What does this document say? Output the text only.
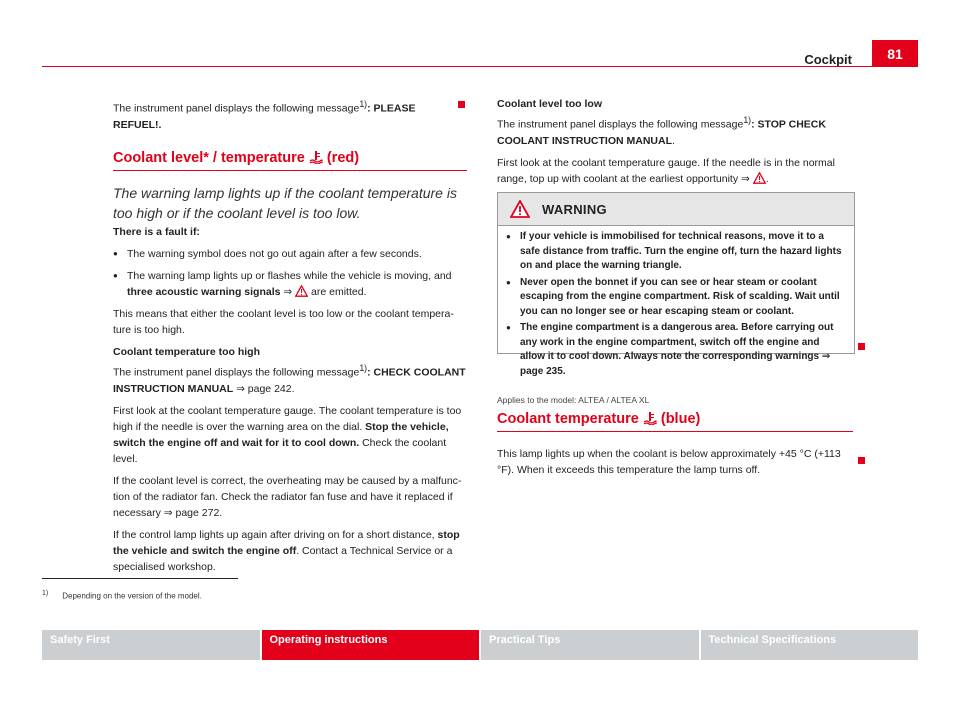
Cockpit	81

The instrument panel displays the following message$^{1)}$: PLEASE REFUEL!.

Coolant level* / temperature (red)

The warning lamp lights up if the coolant temperature is too high or if the coolant level is too low.

There is a fault if:

● The warning symbol does not go out again after a few seconds.

● The warning lamp lights up or flashes while the vehicle is moving, and three acoustic warning signals ⇒ are emitted.

This means that either the coolant level is too low or the coolant temperature is too high.

Coolant temperature too high

The instrument panel displays the following message$^{1)}$: CHECK COOLANT INSTRUCTION MANUAL ⇒ page 242.

First look at the coolant temperature gauge. The coolant temperature is too high if the needle is over the warning area on the dial. Stop the vehicle, switch the engine off and wait for it to cool down. Check the coolant level.

If the coolant level is correct, the overheating may be caused by a malfunction of the radiator fan. Check the radiator fan fuse and have it replaced if necessary ⇒ page 272.

If the control lamp lights up again after driving on for a short distance, stop the vehicle and switch the engine off. Contact a Technical Service or a specialised workshop.

Coolant level too low

The instrument panel displays the following message$^{1)}$: STOP CHECK COOLANT INSTRUCTION MANUAL.

First look at the coolant temperature gauge. If the needle is in the normal range, top up with coolant at the earliest opportunity ⇒ .

WARNING

● If your vehicle is immobilised for technical reasons, move it to a safe distance from traffic. Turn the engine off, turn the hazard lights on and place the warning triangle.

● Never open the bonnet if you can see or hear steam or coolant escaping from the engine compartment. Risk of scalding. Wait until you can no longer see or hear escaping steam or coolant.

● The engine compartment is a dangerous area. Before carrying out any work in the engine compartment, switch off the engine and allow it to cool down. Always note the corresponding warnings ⇒ page 235.

Applies to the model: ALTEA / ALTEA XL
Coolant temperature (blue)

This lamp lights up when the coolant is below approximately +45 °C (+113 °F). When it exceeds this temperature the lamp turns off.

$^{1)}$ Depending on the version of the model.
Safety First	Operating instructions	Practical Tips	Technical Specifications
